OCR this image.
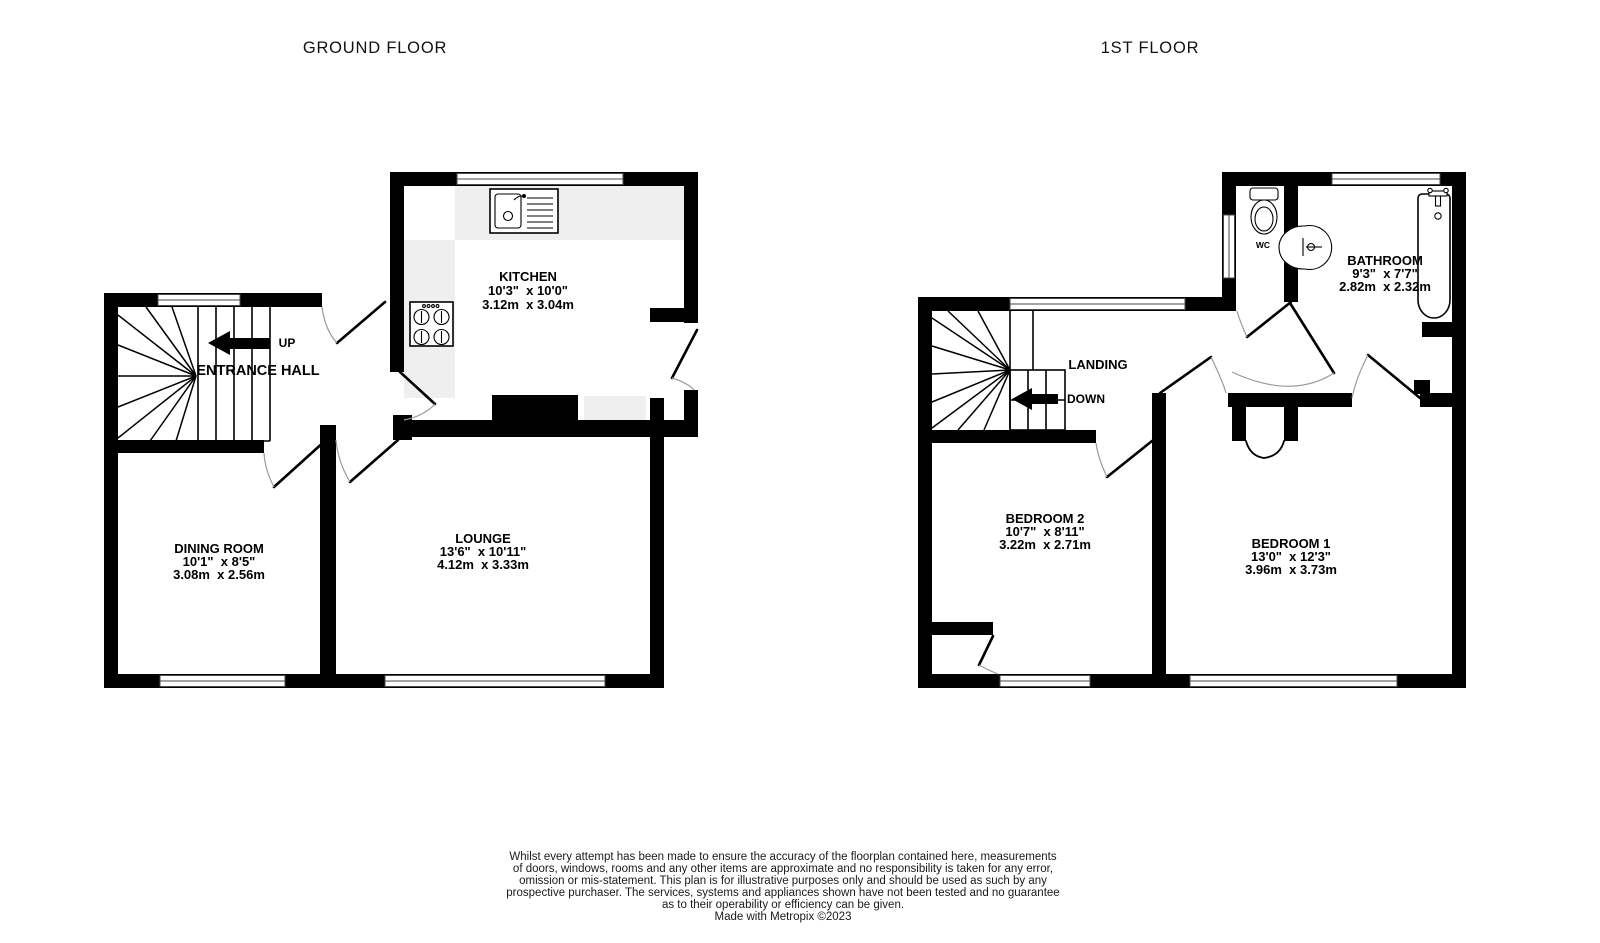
GROUND FLOOR	1ST FLOOR
UP
KITCHEN
10'3"  x 10'0"
3.12m  x 3.04m
ENTRANCE HALL
DINING ROOM
10'1"  x 8'5"
3.08m  x 2.56m
LOUNGE
13'6"  x 10'11"
4.12m  x 3.33m
DOWN
WC
BATHROOM
9'3"  x 7'7"
2.82m  x 2.32m
LANDING
BEDROOM 2
10'7"  x 8'11"
3.22m  x 2.71m	BEDROOM 1
13'0"  x 12'3"
3.96m  x 3.73m
Whilst every attempt has been made to ensure the accuracy of the floorplan contained here, measurements
of doors, windows, rooms and any other items are approximate and no responsibility is taken for any error,
omission or mis-statement. This plan is for illustrative purposes only and should be used as such by any
prospective purchaser. The services, systems and appliances shown have not been tested and no guarantee
as to their operability or efficiency can be given.
Made with Metropix ©2023
